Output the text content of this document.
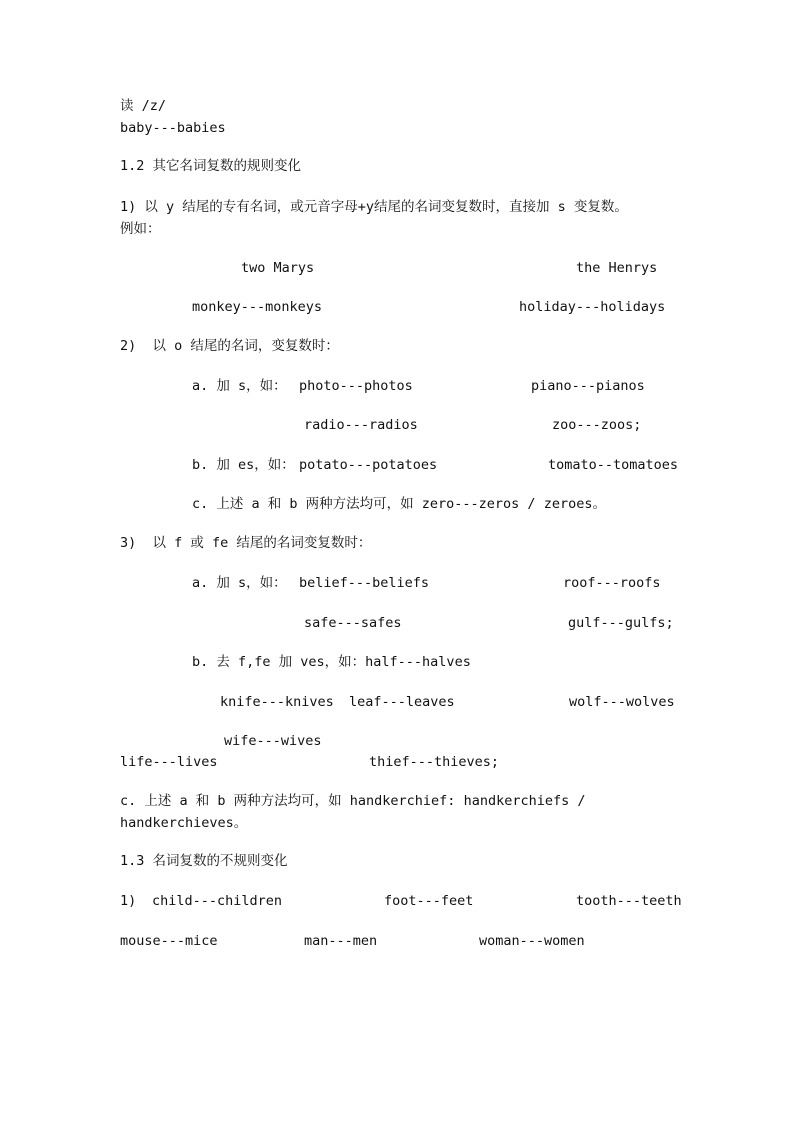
读 /z/

baby---babies

1.2 其它名词复数的规则变化

1) 以 y 结尾的专有名词，或元音字母+y结尾的名词变复数时，直接加 s 变复数。

例如：

two Marys	the Henrys

monkey---monkeys	holiday---holidays

2)  以 o 结尾的名词，变复数时：

a. 加 s，如： photo---photos	piano---pianos

radio---radios	zoo---zoos;

b. 加 es，如： potato---potatoes	tomato--tomatoes

c. 上述 a 和 b 两种方法均可，如 zero---zeros / zeroes。

3)  以 f 或 fe 结尾的名词变复数时：

a. 加 s，如： belief---beliefs	roof---roofs

safe---safes	gulf---gulfs;

b. 去 f,fe 加 ves，如：half---halves

knife---knives leaf---leaves	wolf---wolves

wife---wives

life---lives	thief---thieves;

c. 上述 a 和 b 两种方法均可，如 handkerchief: handkerchiefs /

handkerchieves。

1.3 名词复数的不规则变化

1) child---children	foot---feet	tooth---teeth

mouse---mice	man---men	woman---women
